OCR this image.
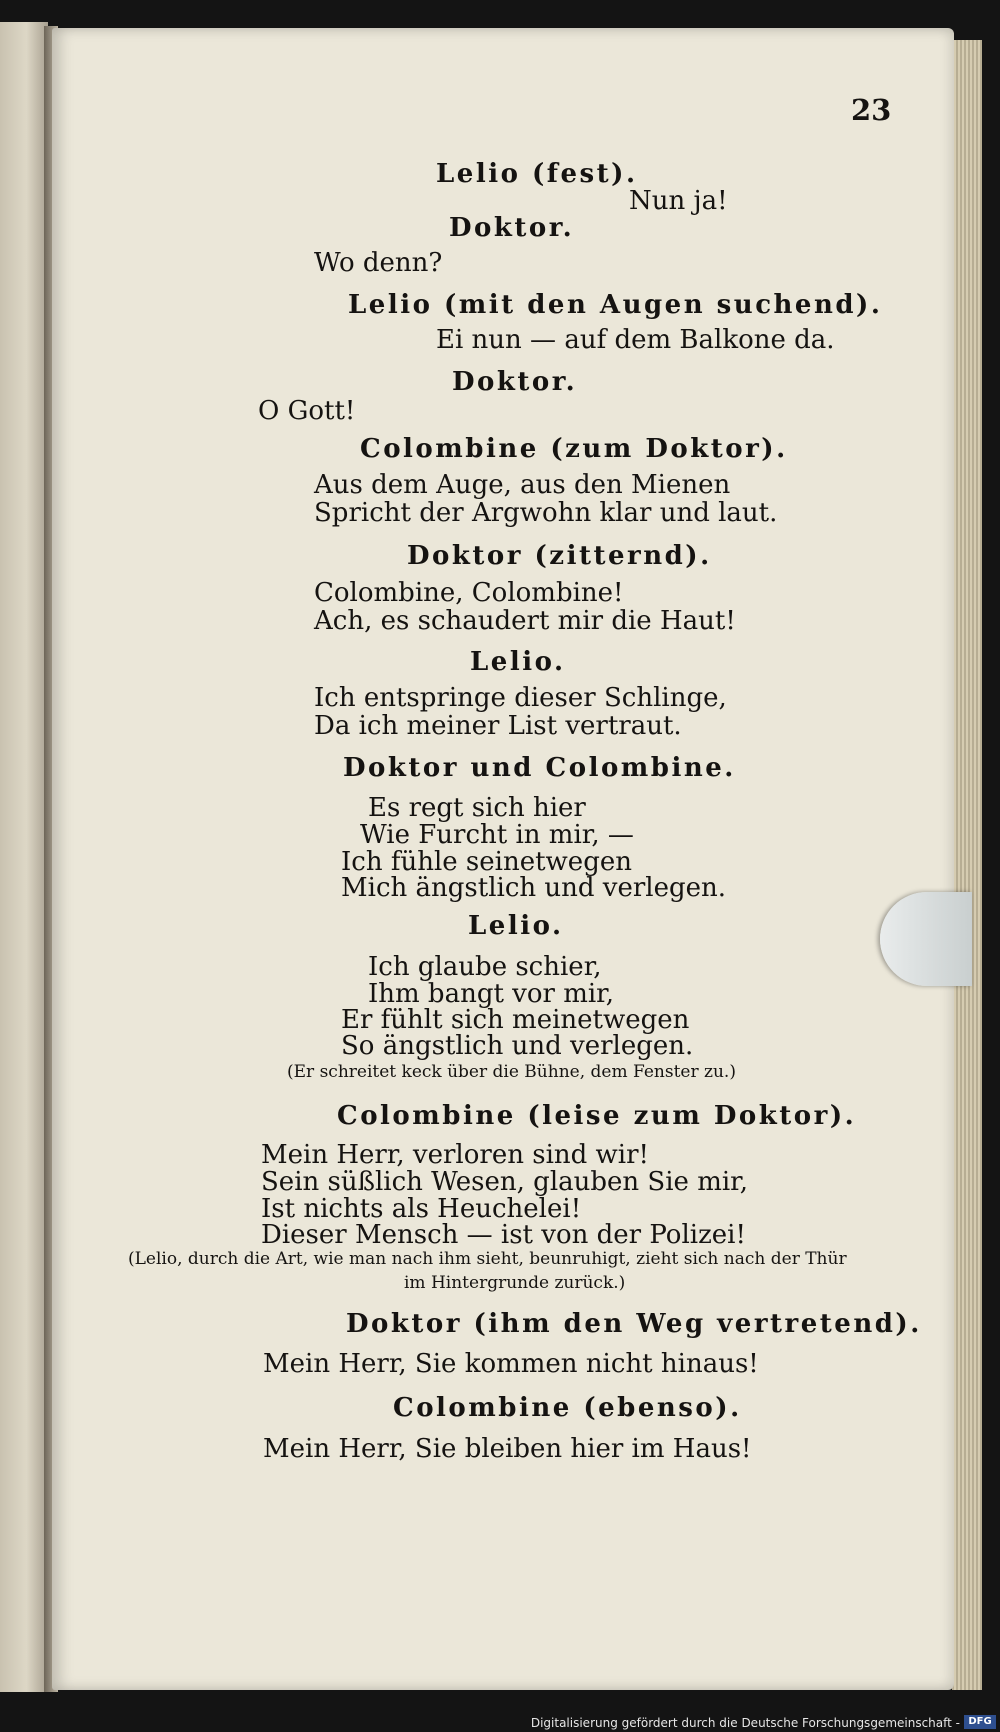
23

Lelio (fest).

Nun ja!

Doktor.

Wo denn?

Lelio (mit den Augen suchend).

Ei nun — auf dem Balkone da.

Doktor.

O Gott!

Colombine (zum Doktor).

Aus dem Auge, aus den Mienen

Spricht der Argwohn klar und laut.

Doktor (zitternd).

Colombine, Colombine!

Ach, es schaudert mir die Haut!

Lelio.

Ich entspringe dieser Schlinge,

Da ich meiner List vertraut.

Doktor und Colombine.

Es regt sich hier

Wie Furcht in mir, —

Ich fühle seinetwegen

Mich ängstlich und verlegen.

Lelio.

Ich glaube schier,

Ihm bangt vor mir,

Er fühlt sich meinetwegen

So ängstlich und verlegen.

(Er schreitet keck über die Bühne, dem Fenster zu.)

Colombine (leise zum Doktor).

Mein Herr, verloren sind wir!

Sein süßlich Wesen, glauben Sie mir,

Ist nichts als Heuchelei!

Dieser Mensch — ist von der Polizei!

(Lelio, durch die Art, wie man nach ihm sieht, beunruhigt, zieht sich nach der Thür

im Hintergrunde zurück.)

Doktor (ihm den Weg vertretend).

Mein Herr, Sie kommen nicht hinaus!

Colombine (ebenso).

Mein Herr, Sie bleiben hier im Haus!

Digitalisierung gefördert durch die Deutsche Forschungsgemeinschaft - DFG
